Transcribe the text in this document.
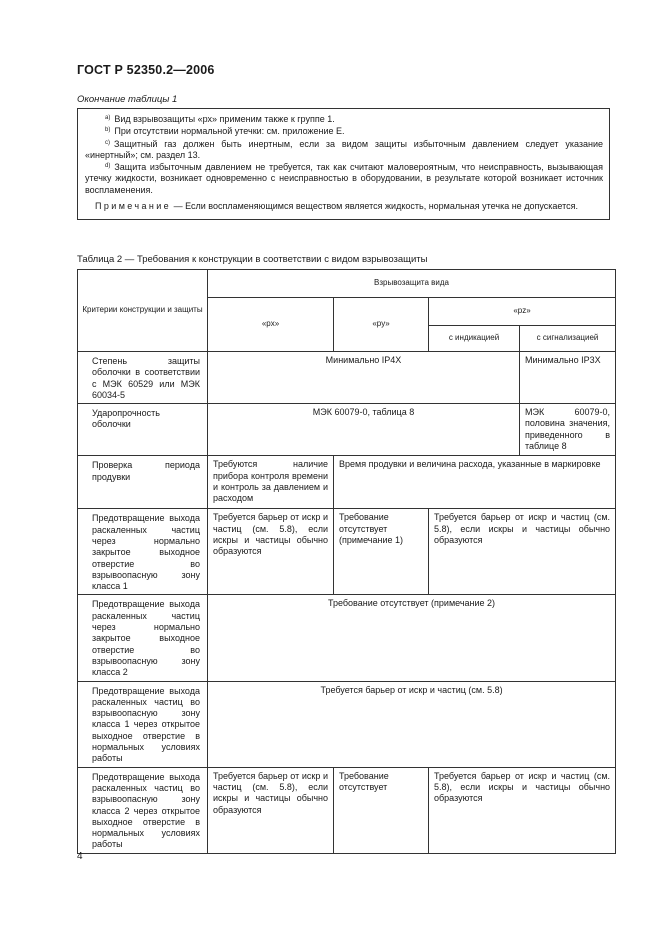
ГОСТ Р 52350.2—2006
Окончание таблицы 1

$^{a)}$ Вид взрывозащиты «рх» применим также к группе 1.

$^{b)}$ При отсутствии нормальной утечки: см. приложение Е.

$^{c)}$ Защитный газ должен быть инертным, если за видом защиты избыточным давлением следует указание «инертный»; см. раздел 13.

$^{d)}$ Защита избыточным давлением не требуется, так как считают маловероятным, что неисправность, вызывающая утечку жидкости, возникает одновременно с неисправностью в оборудовании, в результате которой возникает источник воспламенения.

Примечание — Если воспламеняющимся веществом является жидкость, нормальная утечка не допускается.

Таблица 2 — Требования к конструкции в соответствии с видом взрывозащиты
Критерии конструкции и защиты	Взрывозащита вида			
	«px»	«py»	«pz»	
			с индикацией	с сигнализацией
Степень защиты оболочки в соответствии с МЭК 60529 или МЭК 60034-5	Минимально IP4X			Минимально IP3X
Ударопрочность оболочки	МЭК 60079-0, таблица 8			МЭК 60079-0, половина значения, приведенного в таблице 8
Проверка периода продувки	Требуются наличие прибора контроля времени и контроль за давлением и расходом	Время продувки и величина расхода, указанные в маркировке		
Предотвращение выхода раскаленных частиц через нормально закрытое выходное отверстие во взрывоопасную зону класса 1	Требуется барьер от искр и частиц (см. 5.8), если искры и частицы обычно образуются	Требование отсутствует (примечание 1)	Требуется барьер от искр и частиц (см. 5.8), если искры и частицы обычно образуются	
Предотвращение выхода раскаленных частиц через нормально закрытое выходное отверстие во взрывоопасную зону класса 2	Требование отсутствует (примечание 2)			
Предотвращение выхода раскаленных частиц во взрывоопасную зону класса 1 через открытое выходное отверстие в нормальных условиях работы	Требуется барьер от искр и частиц (см. 5.8)			
Предотвращение выхода раскаленных частиц во взрывоопасную зону класса 2 через открытое выходное отверстие в нормальных условиях работы	Требуется барьер от искр и частиц (см. 5.8), если искры и частицы обычно образуются	Требование отсутствует	Требуется барьер от искр и частиц (см. 5.8), если искры и частицы обычно образуются	
4
